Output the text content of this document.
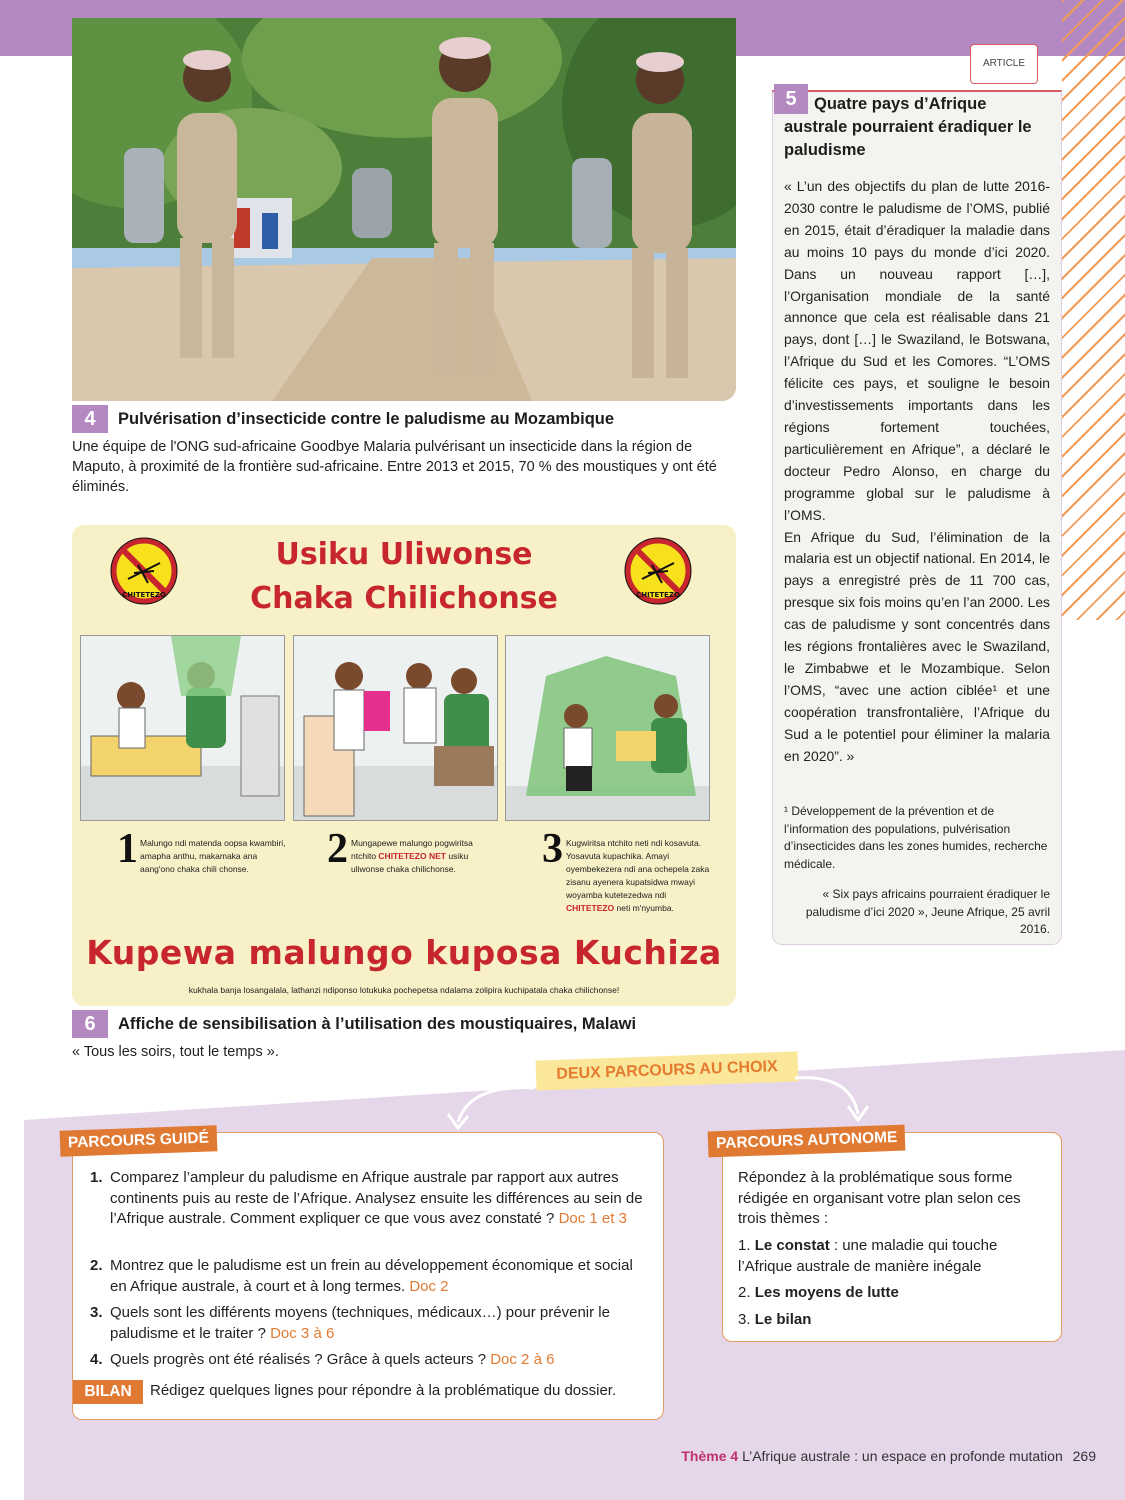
4	Pulvérisation d’insecticide contre le paludisme au Mozambique
Une équipe de l'ONG sud-africaine Goodbye Malaria pulvérisant un insecticide dans la région de Maputo, à proximité de la frontière sud-africaine. Entre 2013 et 2015, 70 % des moustiques y ont été éliminés.
CHITETEZO	CHITETEZO
Usiku Uliwonse
Chaka Chilichonse
1 Malungo ndi matenda oopsa kwambiri, amapha anthu, makamaka ana aang'ono chaka chili chonse.	2 Mungapewe malungo pogwiritsa ntchito CHITETEZO NET usiku uliwonse chaka chilichonse.	3 Kugwiritsa ntchito neti ndi kosavuta. Yosavuta kupachika. Amayi oyembekezera ndi ana ochepela zaka zisanu ayenera kupatsidwa mwayi woyamba kutetezedwa ndi CHITETEZO neti m'nyumba.
Kupewa malungo kuposa Kuchiza
kukhala banja losangalala, lathanzi ndiponso lotukuka pochepetsa ndalama zolipira kuchipatala chaka chilichonse!
6	Affiche de sensibilisation à l’utilisation des moustiquaires, Malawi
« Tous les soirs, tout le temps ».
ARTICLE
5	Quatre pays d’Afrique australe pourraient éradiquer le paludisme

« L’un des objectifs du plan de lutte 2016-2030 contre le paludisme de l’OMS, publié en 2015, était d’éradiquer la maladie dans au moins 10 pays du monde d’ici 2020. Dans un nouveau rapport […], l’Organisation mondiale de la santé annonce que cela est réalisable dans 21 pays, dont […] le Swaziland, le Botswana, l’Afrique du Sud et les Comores. “L’OMS félicite ces pays, et souligne le besoin d’investissements importants dans les régions fortement touchées, particulièrement en Afrique”, a déclaré le docteur Pedro Alonso, en charge du programme global sur le paludisme à l’OMS.

En Afrique du Sud, l’élimination de la malaria est un objectif national. En 2014, le pays a enregistré près de 11 700 cas, presque six fois moins qu’en l’an 2000. Les cas de paludisme y sont concentrés dans les régions frontalières avec le Swaziland, le Zimbabwe et le Mozambique. Selon l’OMS, “avec une action ciblée¹ et une coopération transfrontalière, l’Afrique du Sud a le potentiel pour éliminer la malaria en 2020”. »

¹ Développement de la prévention et de l’information des populations, pulvérisation d’insecticides dans les zones humides, recherche médicale.
« Six pays africains pourraient éradiquer le paludisme d’ici 2020 », Jeune Afrique, 25 avril 2016.
DEUX PARCOURS AU CHOIX
PARCOURS GUIDÉ
1. Comparez l’ampleur du paludisme en Afrique australe par rapport aux autres continents puis au reste de l’Afrique. Analysez ensuite les différences au sein de l’Afrique australe. Comment expliquer ce que vous avez constaté ? Doc 1 et 3
2. Montrez que le paludisme est un frein au développement économique et social en Afrique australe, à court et à long termes. Doc 2
3. Quels sont les différents moyens (techniques, médicaux…) pour prévenir le paludisme et le traiter ? Doc 3 à 6
4. Quels progrès ont été réalisés ? Grâce à quels acteurs ? Doc 2 à 6
BILAN	Rédigez quelques lignes pour répondre à la problématique du dossier.
PARCOURS AUTONOME
Répondez à la problématique sous forme rédigée en organisant votre plan selon ces trois thèmes :
1. Le constat : une maladie qui touche l’Afrique australe de manière inégale
2. Les moyens de lutte
3. Le bilan
Thème 4 L’Afrique australe : un espace en profonde mutation 269
